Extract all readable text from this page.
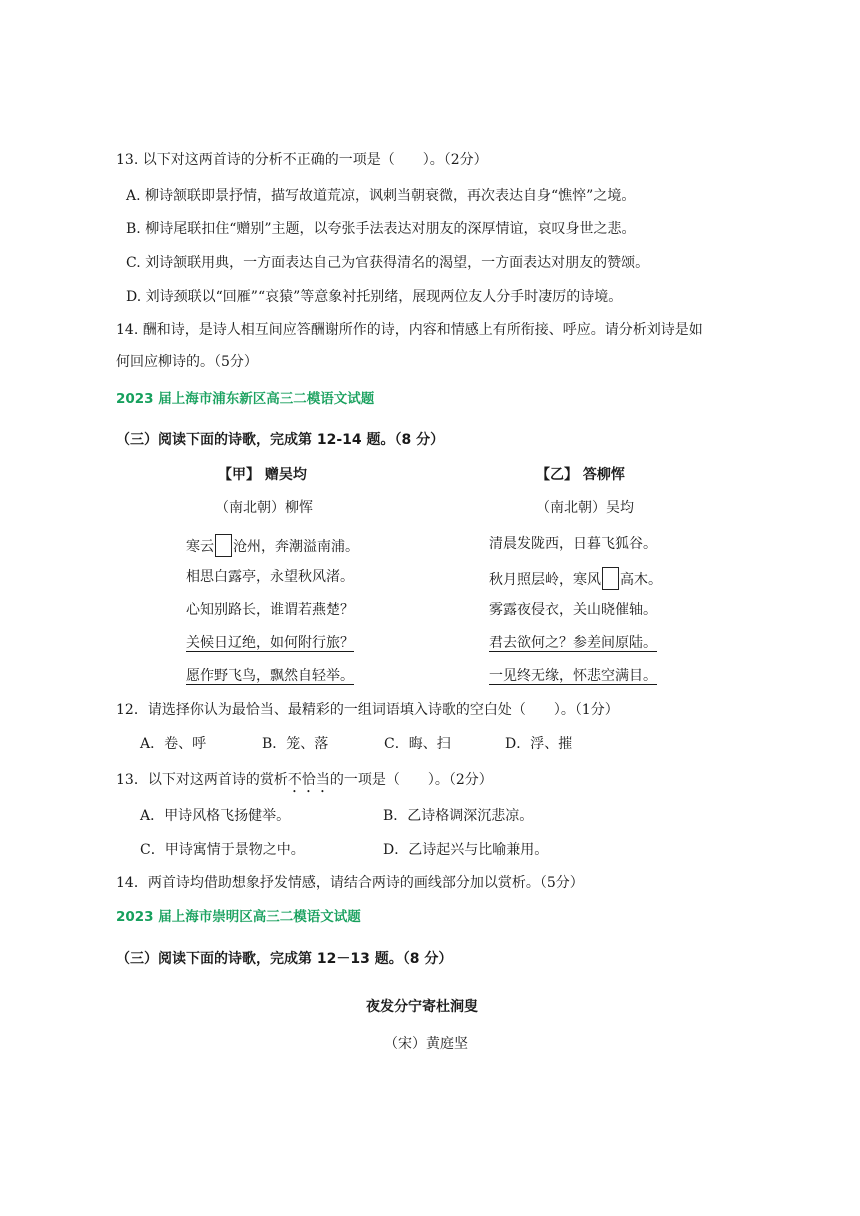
13. 以下对这两首诗的分析不正确的一项是（　　）。（2分）
A. 柳诗颔联即景抒情，描写故道荒凉，讽刺当朝衰微，再次表达自身“憔悴”之境。
B. 柳诗尾联扣住“赠别”主题，以夸张手法表达对朋友的深厚情谊，哀叹身世之悲。
C. 刘诗颔联用典，一方面表达自己为官获得清名的渴望，一方面表达对朋友的赞颂。
D. 刘诗颈联以“回雁”“哀猿”等意象衬托别绪，展现两位友人分手时凄厉的诗境。
14. 酬和诗，是诗人相互间应答酬谢所作的诗，内容和情感上有所衔接、呼应。请分析刘诗是如
何回应柳诗的。（5分）
2023 届上海市浦东新区高三二模语文试题
（三）阅读下面的诗歌，完成第 12-14 题。（8 分）
【甲】 赠吴均
（南北朝）柳恽
寒云 沧州，奔潮溢南浦。
相思白露亭，永望秋风渚。
心知别路长，谁谓若燕楚？
关候日辽绝，如何附行旅？
愿作野飞鸟，飘然自轻举。
【乙】 答柳恽
（南北朝）吴均
清晨发陇西，日暮飞狐谷。
秋月照层岭，寒风 高木。
雾露夜侵衣，关山晓催轴。
君去欲何之？参差间原陆。
一见终无缘，怀悲空满目。
12．请选择你认为最恰当、最精彩的一组词语填入诗歌的空白处（　　）。（1分）
A．卷、呼	B．笼、落	C．晦、扫	D．浮、摧
13．以下对这两首诗的赏析不恰当的一项是（　　）。（2分）
A．甲诗风格飞扬健举。	B．乙诗格调深沉悲凉。
C．甲诗寓情于景物之中。	D．乙诗起兴与比喻兼用。
14．两首诗均借助想象抒发情感，请结合两诗的画线部分加以赏析。（5分）
2023 届上海市崇明区高三二模语文试题
（三）阅读下面的诗歌，完成第 12－13 题。（8 分）
夜发分宁寄杜涧叟
（宋）黄庭坚
